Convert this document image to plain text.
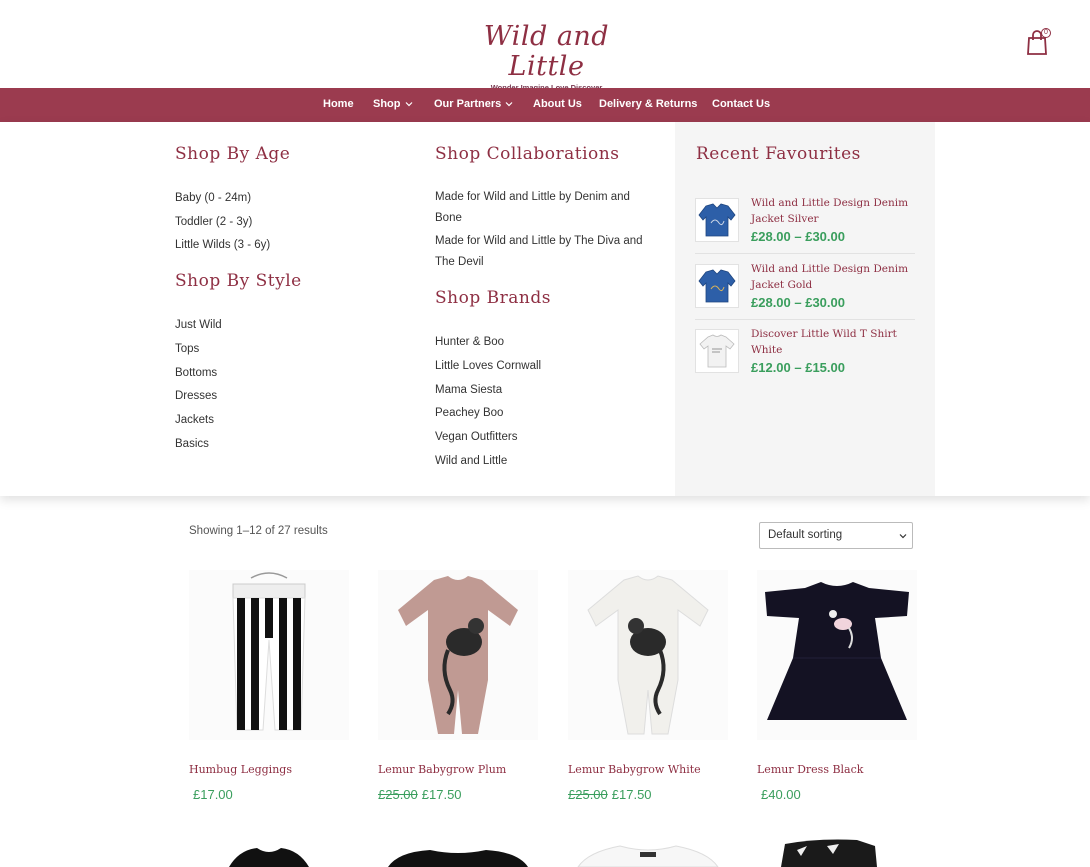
Wild and Little
0
Home Shop	Our Partners	About Us Delivery & Returns Contact Us
Shop By Age
Baby (0 - 24m)
Toddler (2 - 3y)
Little Wilds (3 - 6y)
Shop By Style
Just Wild
Tops
Bottoms
Dresses
Jackets
Basics
Shop Collaborations
Made for Wild and Little by Denim and Bone
Made for Wild and Little by The Diva and The Devil
Shop Brands
Hunter & Boo
Little Loves Cornwall
Mama Siesta
Peachey Boo
Vegan Outfitters
Wild and Little
Recent Favourites
Wild and Little Design Denim Jacket Silver
£28.00 – £30.00
Wild and Little Design Denim Jacket Gold
£28.00 – £30.00
Discover Little Wild T Shirt White
£12.00 – £15.00
Showing 1–12 of 27 results	Default sorting
Humbug Leggings
£17.00
Lemur Babygrow Plum
£25.00 £17.50
Lemur Babygrow White
£25.00 £17.50
Lemur Dress Black
£40.00
